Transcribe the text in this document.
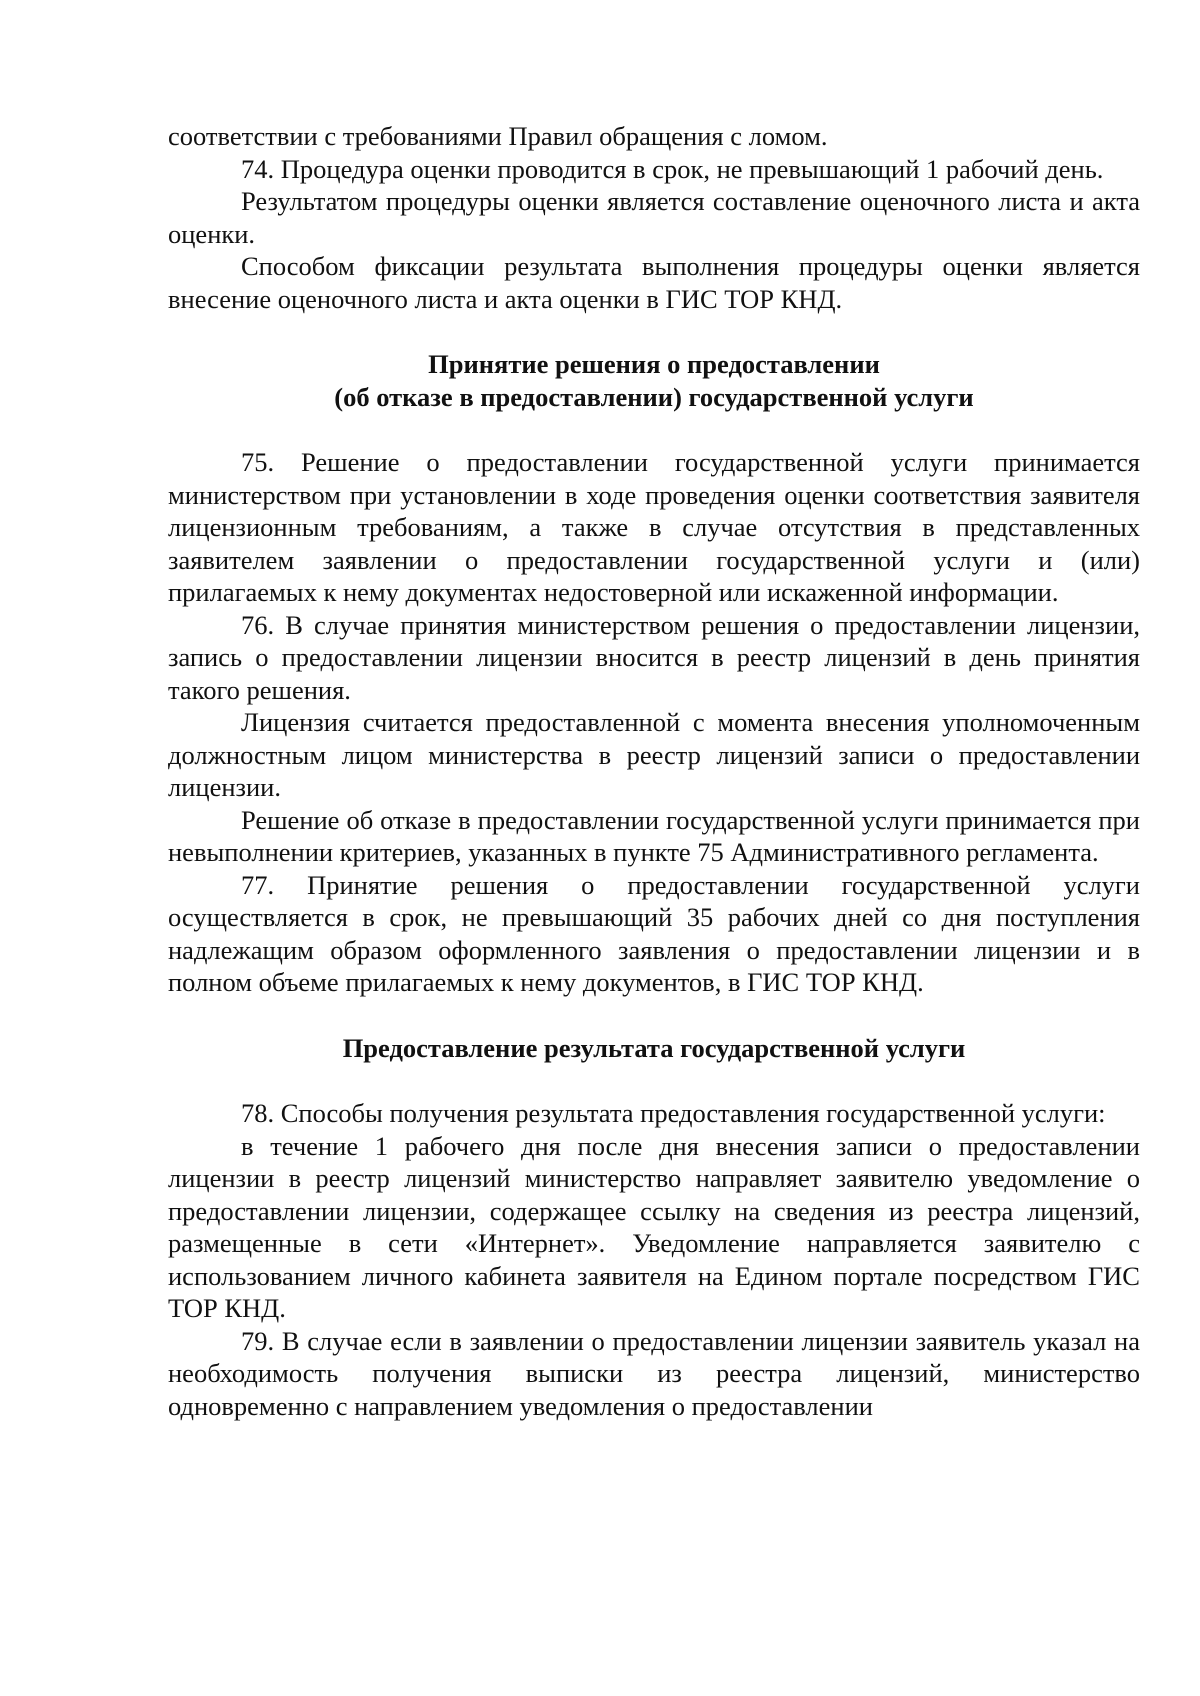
соответствии с требованиями Правил обращения с ломом.

74. Процедура оценки проводится в срок, не превышающий 1 рабочий день.

Результатом процедуры оценки является составление оценочного листа и акта оценки.

Способом фиксации результата выполнения процедуры оценки является внесение оценочного листа и акта оценки в ГИС ТОР КНД.

Принятие решения о предоставлении

(об отказе в предоставлении) государственной услуги

75. Решение о предоставлении государственной услуги принимается министерством при установлении в ходе проведения оценки соответствия заявителя лицензионным требованиям, а также в случае отсутствия в представленных заявителем заявлении о предоставлении государственной услуги и (или) прилагаемых к нему документах недостоверной или искаженной информации.

76. В случае принятия министерством решения о предоставлении лицензии, запись о предоставлении лицензии вносится в реестр лицензий в день принятия такого решения.

Лицензия считается предоставленной с момента внесения уполномоченным должностным лицом министерства в реестр лицензий записи о предоставлении лицензии.

Решение об отказе в предоставлении государственной услуги принимается при невыполнении критериев, указанных в пункте 75 Административного регламента.

77. Принятие решения о предоставлении государственной услуги осуществляется в срок, не превышающий 35 рабочих дней со дня поступления надлежащим образом оформленного заявления о предоставлении лицензии и в полном объеме прилагаемых к нему документов, в ГИС ТОР КНД.

Предоставление результата государственной услуги

78. Способы получения результата предоставления государственной услуги:

в течение 1 рабочего дня после дня внесения записи о предоставлении лицензии в реестр лицензий министерство направляет заявителю уведомление о предоставлении лицензии, содержащее ссылку на сведения из реестра лицензий, размещенные в сети «Интернет». Уведомление направляется заявителю с использованием личного кабинета заявителя на Едином портале посредством ГИС ТОР КНД.

79. В случае если в заявлении о предоставлении лицензии заявитель указал на необходимость получения выписки из реестра лицензий, министерство одновременно с направлением уведомления о предоставлении
